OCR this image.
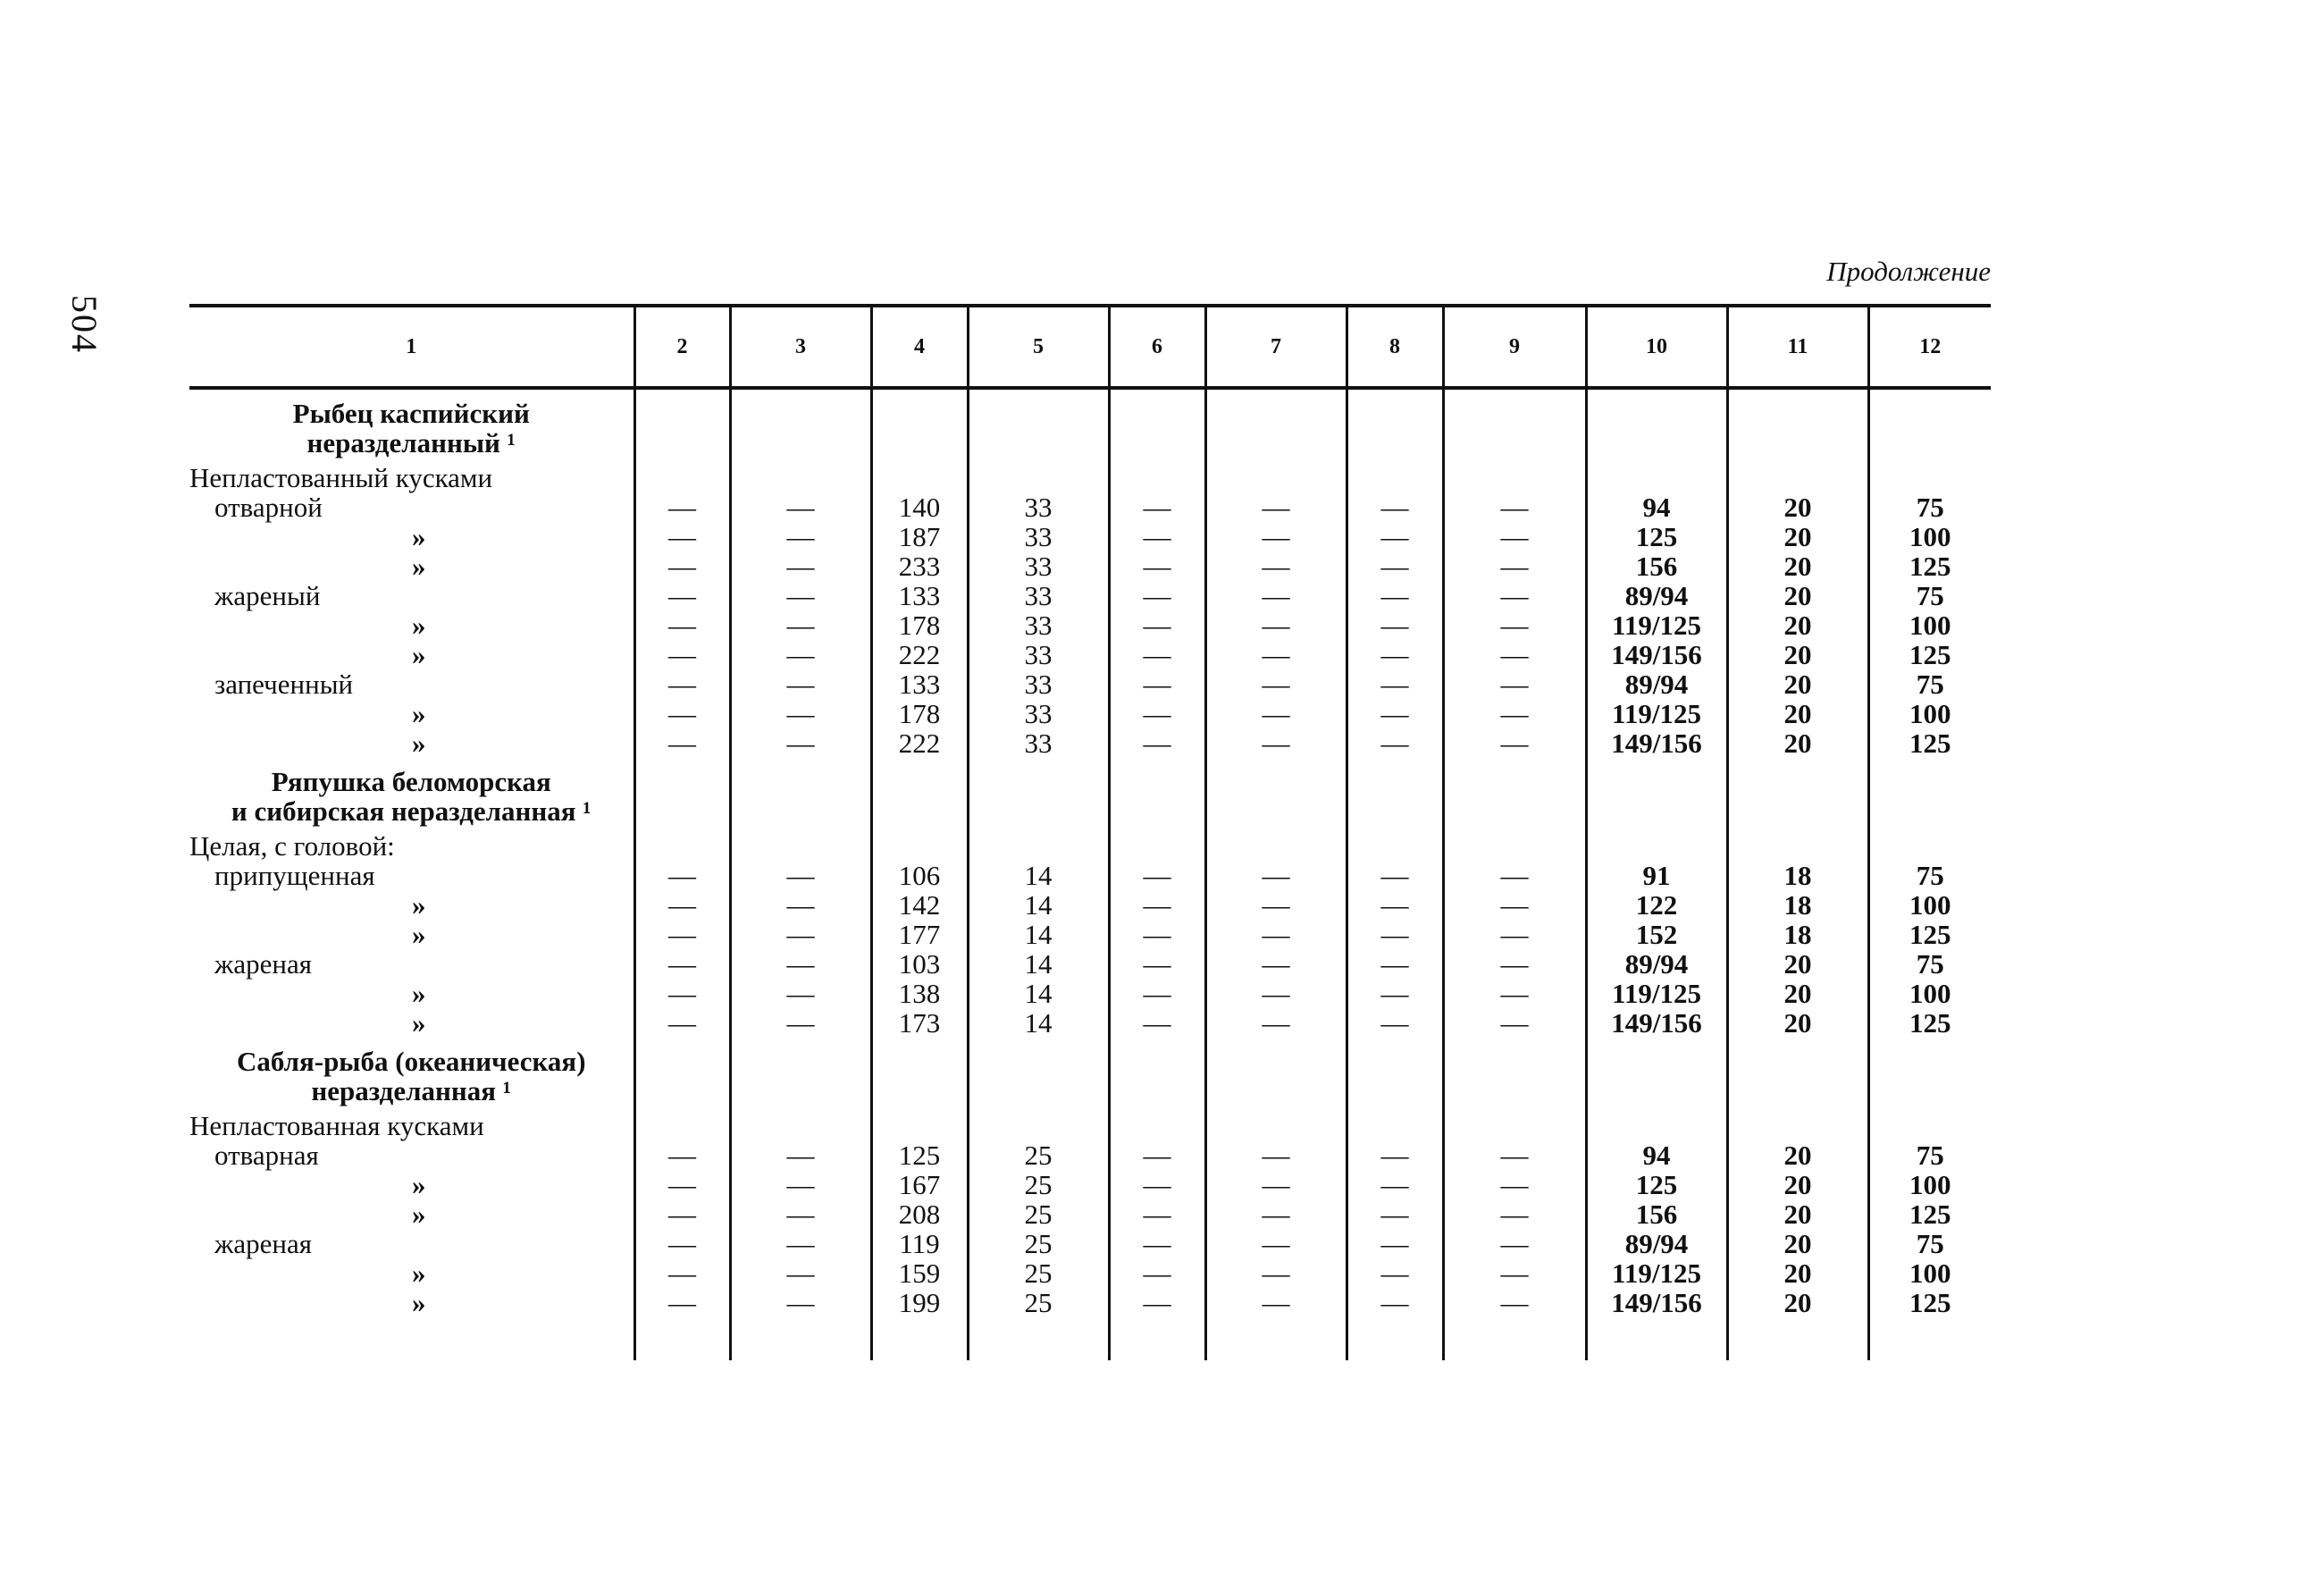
504
Продолжение
1	2	3	4	5	6	7	8	9	10	11	12

Рыбец каспийский
неразделанный ¹											

Непластованный кусками											
отварной	—	—	140	33	—	—	—	—	94	20	75
»	—	—	187	33	—	—	—	—	125	20	100
»	—	—	233	33	—	—	—	—	156	20	125
жареный	—	—	133	33	—	—	—	—	89/94	20	75
»	—	—	178	33	—	—	—	—	119/125	20	100
»	—	—	222	33	—	—	—	—	149/156	20	125
запеченный	—	—	133	33	—	—	—	—	89/94	20	75
»	—	—	178	33	—	—	—	—	119/125	20	100
»	—	—	222	33	—	—	—	—	149/156	20	125

Ряпушка беломорская
и сибирская неразделанная ¹											

Целая, с головой:											
припущенная	—	—	106	14	—	—	—	—	91	18	75
»	—	—	142	14	—	—	—	—	122	18	100
»	—	—	177	14	—	—	—	—	152	18	125
жареная	—	—	103	14	—	—	—	—	89/94	20	75
»	—	—	138	14	—	—	—	—	119/125	20	100
»	—	—	173	14	—	—	—	—	149/156	20	125

Сабля-рыба (океаническая)
неразделанная ¹											

Непластованная кусками											
отварная	—	—	125	25	—	—	—	—	94	20	75
»	—	—	167	25	—	—	—	—	125	20	100
»	—	—	208	25	—	—	—	—	156	20	125
жареная	—	—	119	25	—	—	—	—	89/94	20	75
»	—	—	159	25	—	—	—	—	119/125	20	100
»	—	—	199	25	—	—	—	—	149/156	20	125
